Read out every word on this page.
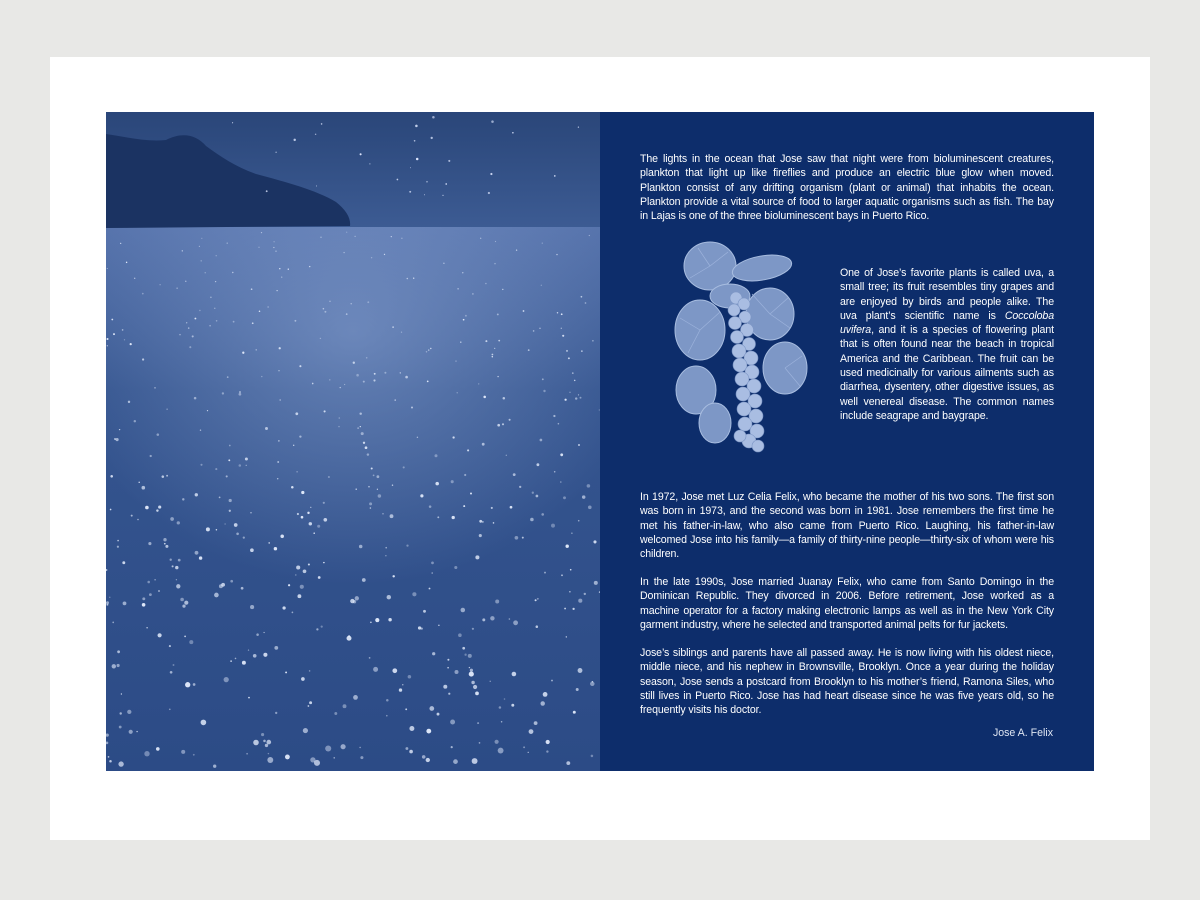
The lights in the ocean that Jose saw that night were from bioluminescent creatures, plankton that light up like fireflies and produce an electric blue glow when moved. Plankton consist of any drifting organism (plant or animal) that inhabits the ocean. Plankton provide a vital source of food to larger aquatic organisms such as fish. The bay in Lajas is one of the three bioluminescent bays in Puerto Rico.

One of Jose’s favorite plants is called uva, a small tree; its fruit resembles tiny grapes and are enjoyed by birds and people alike. The uva plant’s scientific name is Coccoloba uvifera, and it is a species of flowering plant that is often found near the beach in tropical America and the Caribbean. The fruit can be used medicinally for various ailments such as diarrhea, dysentery, other digestive issues, as well venereal disease. The common names include seagrape and baygrape.

In 1972, Jose met Luz Celia Felix, who became the mother of his two sons. The first son was born in 1973, and the second was born in 1981. Jose remembers the first time he met his father-in-law, who also came from Puerto Rico. Laughing, his father-in-law welcomed Jose into his family—a family of thirty-nine people—thirty-six of whom were his children.

In the late 1990s, Jose married Juanay Felix, who came from Santo Domingo in the Dominican Republic. They divorced in 2006. Before retirement, Jose worked as a machine operator for a factory making electronic lamps as well as in the New York City garment industry, where he selected and transported animal pelts for fur jackets.

Jose’s siblings and parents have all passed away. He is now living with his oldest niece, middle niece, and his nephew in Brownsville, Brooklyn. Once a year during the holiday season, Jose sends a postcard from Brooklyn to his mother’s friend, Ramona Siles, who still lives in Puerto Rico. Jose has had heart disease since he was five years old, so he frequently visits his doctor.

Jose A. Felix
